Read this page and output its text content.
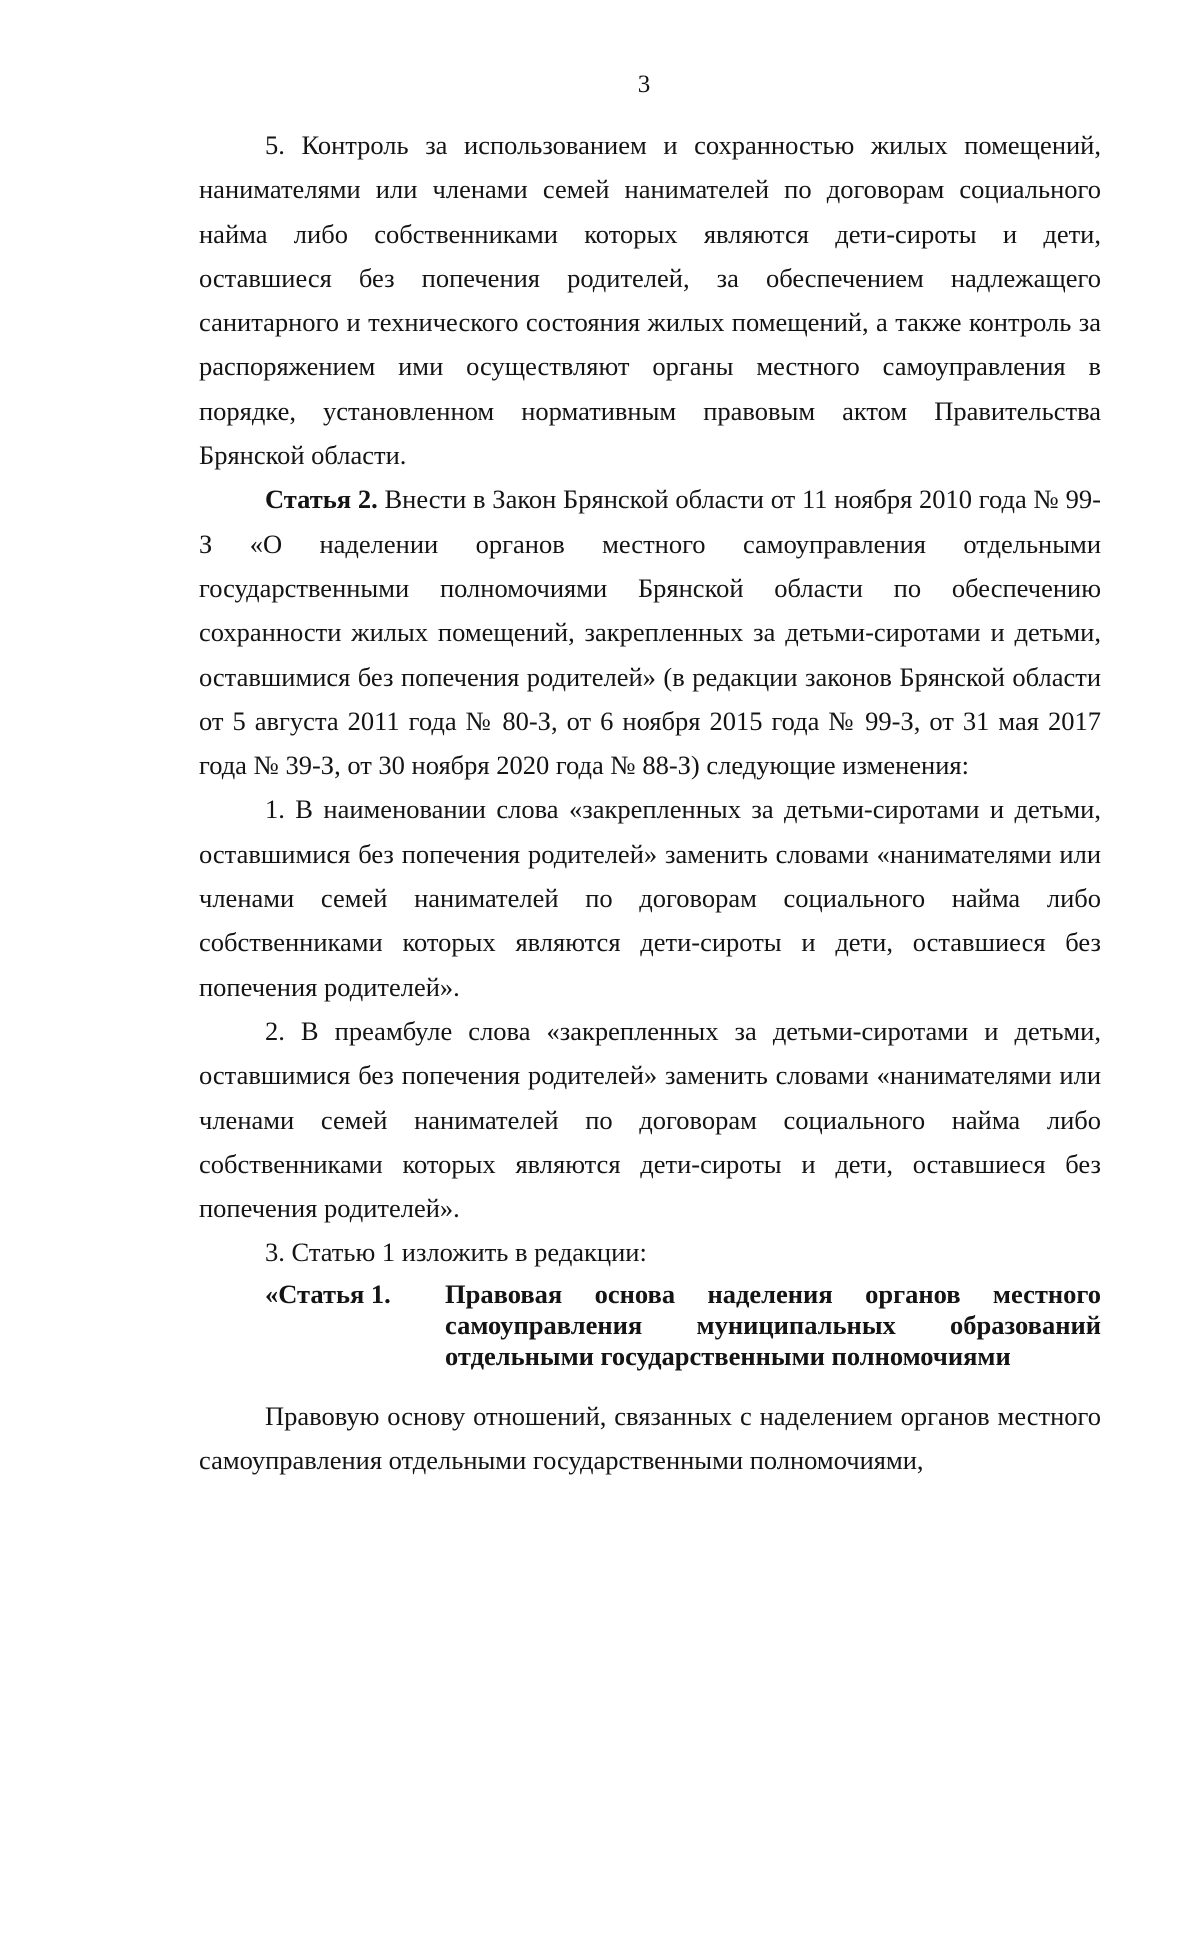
3

5. Контроль за использованием и сохранностью жилых помещений, нанимателями или членами семей нанимателей по договорам социального найма либо собственниками которых являются дети-сироты и дети, оставшиеся без попечения родителей, за обеспечением надлежащего санитарного и технического состояния жилых помещений, а также контроль за распоряжением ими осуществляют органы местного самоуправления в порядке, установленном нормативным правовым актом Правительства Брянской области.

Статья 2. Внести в Закон Брянской области от 11 ноября 2010 года № 99-З «О наделении органов местного самоуправления отдельными государственными полномочиями Брянской области по обеспечению сохранности жилых помещений, закрепленных за детьми-сиротами и детьми, оставшимися без попечения родителей» (в редакции законов Брянской области от 5 августа 2011 года № 80-З, от 6 ноября 2015 года № 99-З, от 31 мая 2017 года № 39-З, от 30 ноября 2020 года № 88-З) следующие изменения:

1. В наименовании слова «закрепленных за детьми-сиротами и детьми, оставшимися без попечения родителей» заменить словами «нанимателями или членами семей нанимателей по договорам социального найма либо собственниками которых являются дети-сироты и дети, оставшиеся без попечения родителей».

2. В преамбуле слова «закрепленных за детьми-сиротами и детьми, оставшимися без попечения родителей» заменить словами «нанимателями или членами семей нанимателей по договорам социального найма либо собственниками которых являются дети-сироты и дети, оставшиеся без попечения родителей».

3. Статью 1 изложить в редакции:

«Статья 1.	Правовая основа наделения органов местного самоуправления муниципальных образований отдельными государственными полномочиями

Правовую основу отношений, связанных с наделением органов местного самоуправления отдельными государственными полномочиями,
